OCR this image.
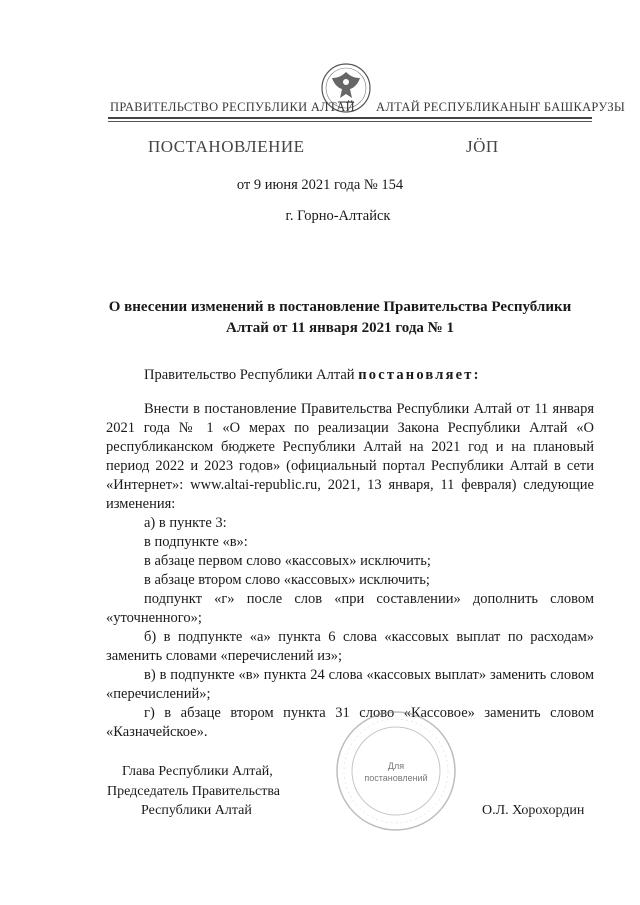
ПРАВИТЕЛЬСТВО РЕСПУБЛИКИ АЛТАЙ АЛТАЙ РЕСПУБЛИКАНЫҤ БАШКАРУЗЫ
ПОСТАНОВЛЕНИЕ	JӦП
от 9 июня 2021 года № 154
г. Горно-Алтайск
О внесении изменений в постановление Правительства Республики Алтай от 11 января 2021 года № 1
Правительство Республики Алтай постановляет:

Внести в постановление Правительства Республики Алтай от 11 января 2021 года № 1 «О мерах по реализации Закона Республики Алтай «О республиканском бюджете Республики Алтай на 2021 год и на плановый период 2022 и 2023 годов» (официальный портал Республики Алтай в сети «Интернет»: www.altai-republic.ru, 2021, 13 января, 11 февраля) следующие изменения:

а) в пункте 3:

в подпункте «в»:

в абзаце первом слово «кассовых» исключить;

в абзаце втором слово «кассовых» исключить;

подпункт «г» после слов «при составлении» дополнить словом «уточненного»;

б) в подпункте «а» пункта 6 слова «кассовых выплат по расходам» заменить словами «перечислений из»;

в) в подпункте «в» пункта 24 слова «кассовых выплат» заменить словом «перечислений»;

г) в абзаце втором пункта 31 слово «Кассовое» заменить словом «Казначейское».

Для
постановлений
Глава Республики Алтай,
Председатель Правительства
Республики Алтай	О.Л. Хорохордин
